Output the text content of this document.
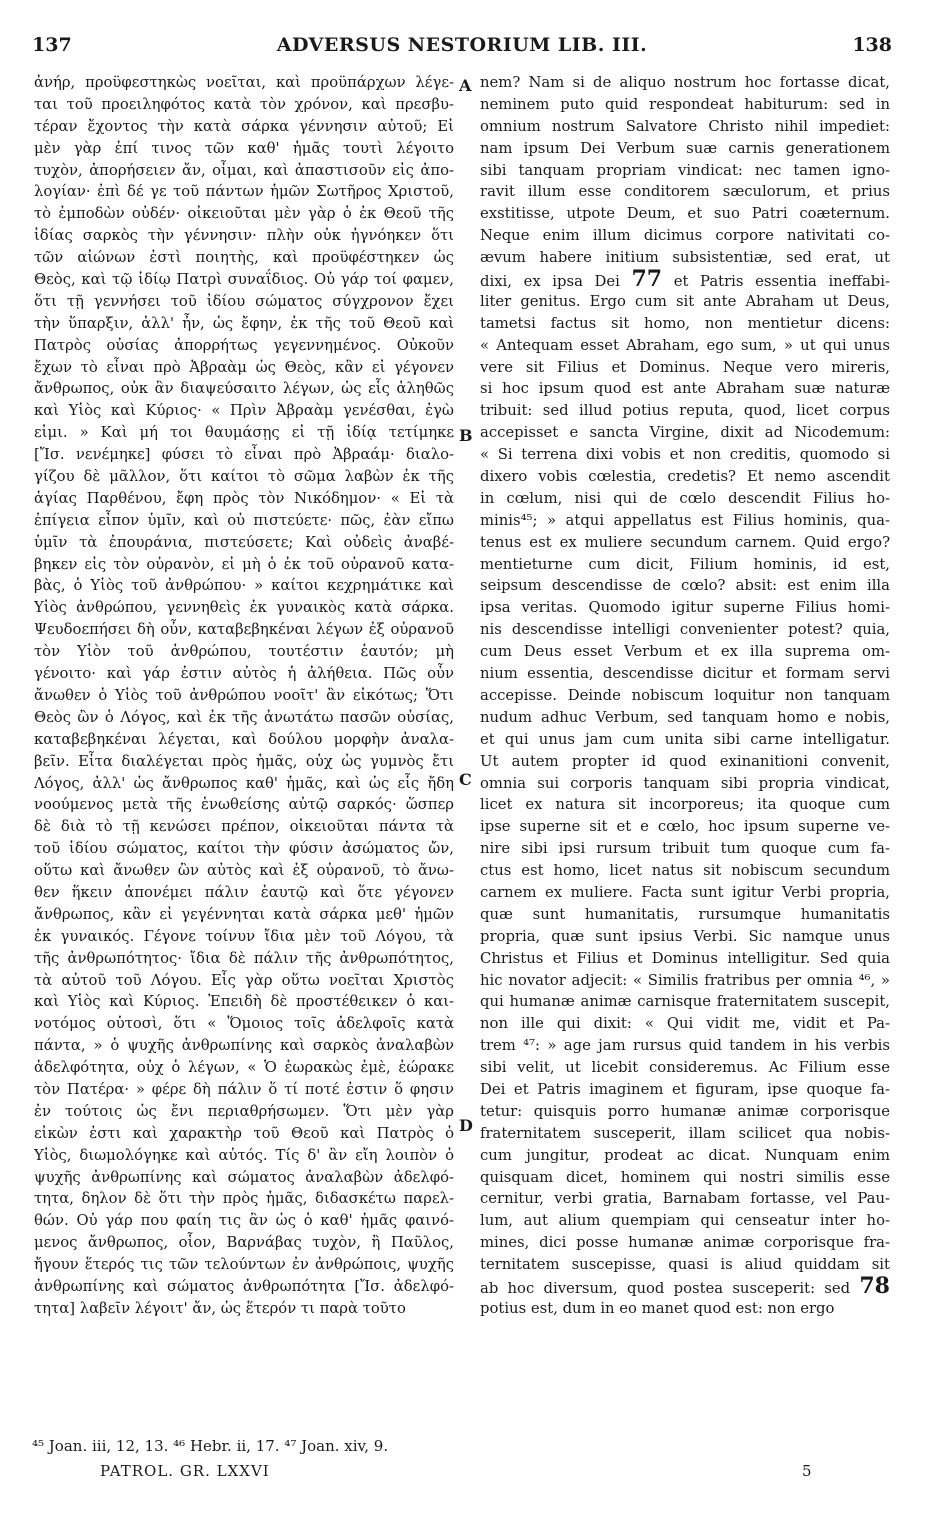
137	ADVERSUS NESTORIUM LIB. III.	138
A
B
C
D
ἀνήρ, προϋφεστηκὼς νοεῖται, καὶ προϋπάρχων λέγε-
ται τοῦ προειληφότος κατὰ τὸν χρόνον, καὶ πρεσβυ-
τέραν ἔχοντος τὴν κατὰ σάρκα γέννησιν αὐτοῦ; Εἰ
μὲν γὰρ ἐπί τινος τῶν καθ' ἡμᾶς τουτὶ λέγοιτο
τυχὸν, ἀπορήσειεν ἄν, οἶμαι, καὶ ἀπαστισοῦν εἰς ἀπο-
λογίαν· ἐπὶ δέ γε τοῦ πάντων ἡμῶν Σωτῆρος Χριστοῦ,
τὸ ἐμποδὼν οὐδέν· οἰκειοῦται μὲν γὰρ ὁ ἐκ Θεοῦ τῆς
ἰδίας σαρκὸς τὴν γέννησιν· πλὴν οὐκ ἠγνόηκεν ὅτι
τῶν αἰώνων ἐστὶ ποιητὴς, καὶ προϋφέστηκεν ὡς
Θεὸς, καὶ τῷ ἰδίῳ Πατρὶ συναΐδιος. Οὐ γάρ τοί φαμεν,
ὅτι τῇ γεννήσει τοῦ ἰδίου σώματος σύγχρονον ἔχει
τὴν ὕπαρξιν, ἀλλ' ἦν, ὡς ἔφην, ἐκ τῆς τοῦ Θεοῦ καὶ
Πατρὸς οὐσίας ἀπορρήτως γεγεννημένος. Οὐκοῦν
ἔχων τὸ εἶναι πρὸ Ἀβραὰμ ὡς Θεὸς, κἂν εἰ γέγονεν
ἄνθρωπος, οὐκ ἂν διαψεύσαιτο λέγων, ὡς εἷς ἀληθῶς
καὶ Υἱὸς καὶ Κύριος· « Πρὶν Ἀβραὰμ γενέσθαι, ἐγὼ
εἰμι. » Καὶ μή τοι θαυμάσῃς εἰ τῇ ἰδίᾳ τετίμηκε
[Ἴσ. νενέμηκε] φύσει τὸ εἶναι πρὸ Ἀβραάμ· διαλο-
γίζου δὲ μᾶλλον, ὅτι καίτοι τὸ σῶμα λαβὼν ἐκ τῆς
ἁγίας Παρθένου, ἔφη πρὸς τὸν Νικόδημον· « Εἰ τὰ
ἐπίγεια εἶπον ὑμῖν, καὶ οὐ πιστεύετε· πῶς, ἐὰν εἴπω
ὑμῖν τὰ ἐπουράνια, πιστεύσετε; Καὶ οὐδεὶς ἀναβέ-
βηκεν εἰς τὸν οὐρανὸν, εἰ μὴ ὁ ἐκ τοῦ οὐρανοῦ κατα-
βὰς, ὁ Υἱὸς τοῦ ἀνθρώπου· » καίτοι κεχρημάτικε καὶ
Υἱὸς ἀνθρώπου, γεννηθεὶς ἐκ γυναικὸς κατὰ σάρκα.
Ψευδοεπήσει δὴ οὖν, καταβεβηκέναι λέγων ἐξ οὐρανοῦ
τὸν Υἱὸν τοῦ ἀνθρώπου, τουτέστιν ἑαυτόν; μὴ
γένοιτο· καὶ γάρ ἐστιν αὐτὸς ἡ ἀλήθεια. Πῶς οὖν
ἄνωθεν ὁ Υἱὸς τοῦ ἀνθρώπου νοοῖτ' ἂν εἰκότως; Ὅτι
Θεὸς ὢν ὁ Λόγος, καὶ ἐκ τῆς ἀνωτάτω πασῶν οὐσίας,
καταβεβηκέναι λέγεται, καὶ δούλου μορφὴν ἀναλα-
βεῖν. Εἶτα διαλέγεται πρὸς ἡμᾶς, οὐχ ὡς γυμνὸς ἔτι
Λόγος, ἀλλ' ὡς ἄνθρωπος καθ' ἡμᾶς, καὶ ὡς εἷς ἤδη
νοούμενος μετὰ τῆς ἑνωθείσης αὐτῷ σαρκός· ὥσπερ
δὲ διὰ τὸ τῇ κενώσει πρέπον, οἰκειοῦται πάντα τὰ
τοῦ ἰδίου σώματος, καίτοι τὴν φύσιν ἀσώματος ὤν,
οὕτω καὶ ἄνωθεν ὢν αὐτὸς καὶ ἐξ οὐρανοῦ, τὸ ἄνω-
θεν ἥκειν ἀπονέμει πάλιν ἑαυτῷ καὶ ὅτε γέγονεν
ἄνθρωπος, κἂν εἰ γεγέννηται κατὰ σάρκα μεθ' ἡμῶν
ἐκ γυναικός. Γέγονε τοίνυν ἴδια μὲν τοῦ Λόγου, τὰ
τῆς ἀνθρωπότητος· ἴδια δὲ πάλιν τῆς ἀνθρωπότητος,
τὰ αὐτοῦ τοῦ Λόγου. Εἷς γὰρ οὕτω νοεῖται Χριστὸς
καὶ Υἱὸς καὶ Κύριος. Ἐπειδὴ δὲ προστέθεικεν ὁ και-
νοτόμος οὑτοσὶ, ὅτι « Ὅμοιος τοῖς ἀδελφοῖς κατὰ
πάντα, » ὁ ψυχῆς ἀνθρωπίνης καὶ σαρκὸς ἀναλαβὼν
ἀδελφότητα, οὐχ ὁ λέγων, « Ὁ ἑωρακὼς ἐμὲ, ἑώρακε
τὸν Πατέρα· » φέρε δὴ πάλιν ὅ τί ποτέ ἐστιν ὅ φησιν
ἐν τούτοις ὡς ἔνι περιαθρήσωμεν. Ὅτι μὲν γὰρ
εἰκὼν ἐστι καὶ χαρακτὴρ τοῦ Θεοῦ καὶ Πατρὸς ὁ
Υἱὸς, διωμολόγηκε καὶ αὐτός. Τίς δ' ἂν εἴη λοιπὸν ὁ
ψυχῆς ἀνθρωπίνης καὶ σώματος ἀναλαβὼν ἀδελφό-
τητα, δηλον δὲ ὅτι τὴν πρὸς ἡμᾶς, διδασκέτω παρελ-
θών. Οὐ γάρ που φαίη τις ἂν ὡς ὁ καθ' ἡμᾶς φαινό-
μενος ἄνθρωπος, οἷον, Βαρνάβας τυχὸν, ἢ Παῦλος,
ἤγουν ἕτερός τις τῶν τελούντων ἐν ἀνθρώποις, ψυχῆς
ἀνθρωπίνης καὶ σώματος ἀνθρωπότητα [Ἴσ. ἀδελφό-
τητα] λαβεῖν λέγοιτ' ἄν, ὡς ἕτερόν τι παρὰ τοῦτο
nem? Nam si de aliquo nostrum hoc fortasse dicat,
neminem puto quid respondeat habiturum: sed in
omnium nostrum Salvatore Christo nihil impediet:
nam ipsum Dei Verbum suæ carnis generationem
sibi tanquam propriam vindicat: nec tamen igno-
ravit illum esse conditorem sæculorum, et prius
exstitisse, utpote Deum, et suo Patri coæternum.
Neque enim illum dicimus corpore nativitati co-
ævum habere initium subsistentiæ, sed erat, ut
dixi, ex ipsa Dei 77 et Patris essentia ineffabi-
liter genitus. Ergo cum sit ante Abraham ut Deus,
tametsi factus sit homo, non mentietur dicens:
« Antequam esset Abraham, ego sum, » ut qui unus
vere sit Filius et Dominus. Neque vero mireris,
si hoc ipsum quod est ante Abraham suæ naturæ
tribuit: sed illud potius reputa, quod, licet corpus
accepisset e sancta Virgine, dixit ad Nicodemum:
« Si terrena dixi vobis et non creditis, quomodo si
dixero vobis cœlestia, credetis? Et nemo ascendit
in cœlum, nisi qui de cœlo descendit Filius ho-
minis⁴⁵; » atqui appellatus est Filius hominis, qua-
tenus est ex muliere secundum carnem. Quid ergo?
mentieturne cum dicit, Filium hominis, id est,
seipsum descendisse de cœlo? absit: est enim illa
ipsa veritas. Quomodo igitur superne Filius homi-
nis descendisse intelligi convenienter potest? quia,
cum Deus esset Verbum et ex illa suprema om-
nium essentia, descendisse dicitur et formam servi
accepisse. Deinde nobiscum loquitur non tanquam
nudum adhuc Verbum, sed tanquam homo e nobis,
et qui unus jam cum unita sibi carne intelligatur.
Ut autem propter id quod exinanitioni convenit,
omnia sui corporis tanquam sibi propria vindicat,
licet ex natura sit incorporeus; ita quoque cum
ipse superne sit et e cœlo, hoc ipsum superne ve-
nire sibi ipsi rursum tribuit tum quoque cum fa-
ctus est homo, licet natus sit nobiscum secundum
carnem ex muliere. Facta sunt igitur Verbi propria,
quæ sunt humanitatis, rursumque humanitatis
propria, quæ sunt ipsius Verbi. Sic namque unus
Christus et Filius et Dominus intelligitur. Sed quia
hic novator adjecit: « Similis fratribus per omnia ⁴⁶, »
qui humanæ animæ carnisque fraternitatem suscepit,
non ille qui dixit: « Qui vidit me, vidit et Pa-
trem ⁴⁷: » age jam rursus quid tandem in his verbis
sibi velit, ut licebit consideremus. Ac Filium esse
Dei et Patris imaginem et figuram, ipse quoque fa-
tetur: quisquis porro humanæ animæ corporisque
fraternitatem susceperit, illam scilicet qua nobis-
cum jungitur, prodeat ac dicat. Nunquam enim
quisquam dicet, hominem qui nostri similis esse
cernitur, verbi gratia, Barnabam fortasse, vel Pau-
lum, aut alium quempiam qui censeatur inter ho-
mines, dici posse humanæ animæ corporisque fra-
ternitatem suscepisse, quasi is aliud quiddam sit
ab hoc diversum, quod postea susceperit: sed 78
potius est, dum in eo manet quod est: non ergo
⁴⁵ Joan. iii, 12, 13. ⁴⁶ Hebr. ii, 17. ⁴⁷ Joan. xiv, 9.
PATROL. GR. LXXVI	5
